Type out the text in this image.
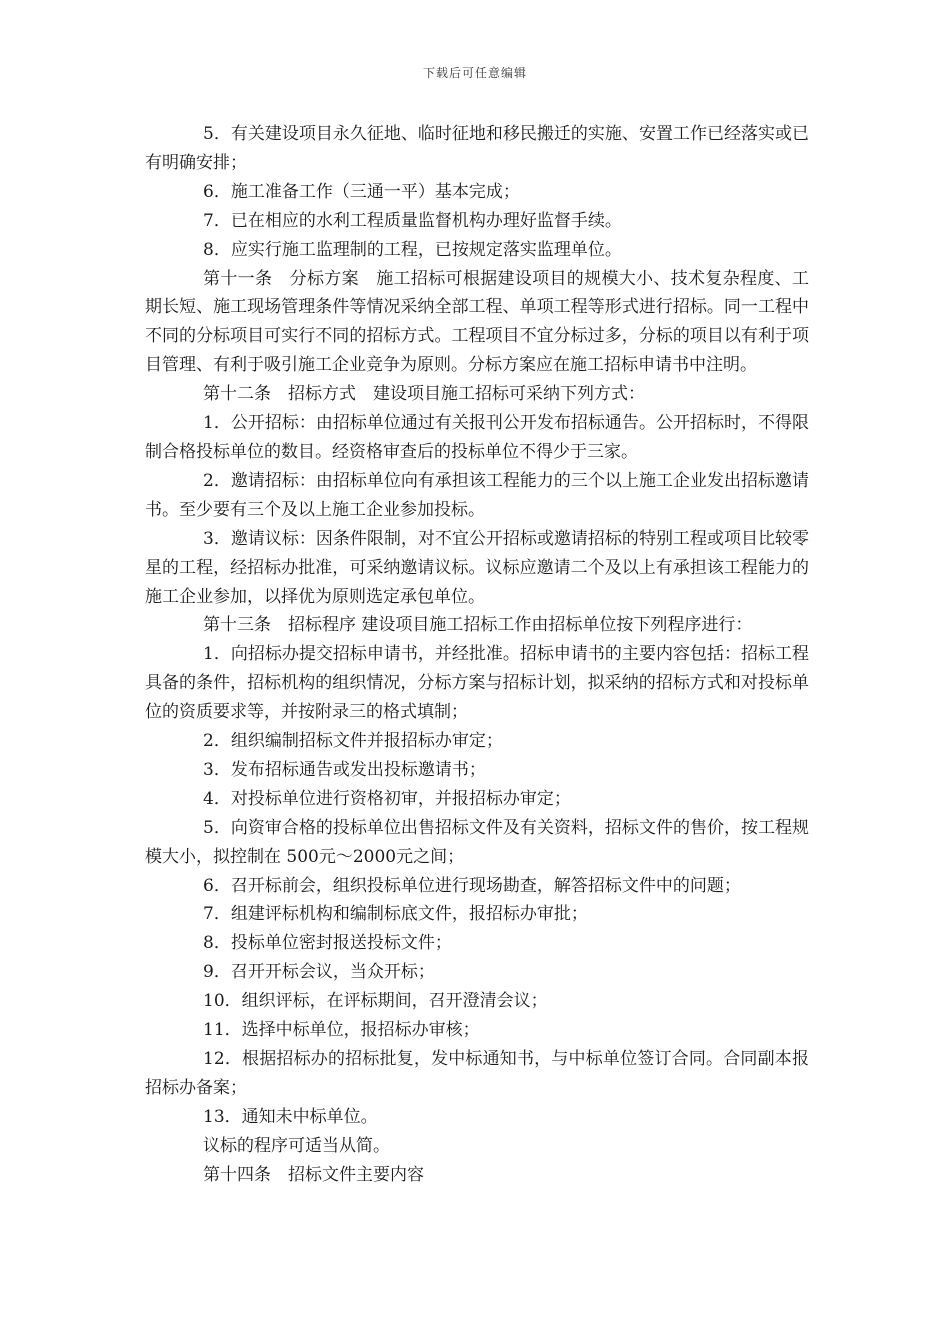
下载后可任意编辑

5．有关建设项目永久征地、临时征地和移民搬迁的实施、安置工作已经落实或已有明确安排；

6．施工准备工作（三通一平）基本完成；

7．已在相应的水利工程质量监督机构办理好监督手续。

8．应实行施工监理制的工程，已按规定落实监理单位。

第十一条　分标方案　施工招标可根据建设项目的规模大小、技术复杂程度、工期长短、施工现场管理条件等情况采纳全部工程、单项工程等形式进行招标。同一工程中不同的分标项目可实行不同的招标方式。工程项目不宜分标过多，分标的项目以有利于项目管理、有利于吸引施工企业竞争为原则。分标方案应在施工招标申请书中注明。

第十二条　招标方式　建设项目施工招标可采纳下列方式：

1．公开招标：由招标单位通过有关报刊公开发布招标通告。公开招标时，不得限制合格投标单位的数目。经资格审查后的投标单位不得少于三家。

2．邀请招标：由招标单位向有承担该工程能力的三个以上施工企业发出招标邀请书。至少要有三个及以上施工企业参加投标。

3．邀请议标：因条件限制，对不宜公开招标或邀请招标的特别工程或项目比较零星的工程，经招标办批准，可采纳邀请议标。议标应邀请二个及以上有承担该工程能力的施工企业参加，以择优为原则选定承包单位。

第十三条　招标程序 建设项目施工招标工作由招标单位按下列程序进行：

1．向招标办提交招标申请书，并经批准。招标申请书的主要内容包括：招标工程具备的条件，招标机构的组织情况，分标方案与招标计划，拟采纳的招标方式和对投标单位的资质要求等，并按附录三的格式填制；

2．组织编制招标文件并报招标办审定；

3．发布招标通告或发出投标邀请书；

4．对投标单位进行资格初审，并报招标办审定；

5．向资审合格的投标单位出售招标文件及有关资料，招标文件的售价，按工程规模大小，拟控制在 500元～2000元之间；

6．召开标前会，组织投标单位进行现场勘查，解答招标文件中的问题；

7．组建评标机构和编制标底文件，报招标办审批；

8．投标单位密封报送投标文件；

9．召开开标会议，当众开标；

10．组织评标，在评标期间，召开澄清会议；

11．选择中标单位，报招标办审核；

12．根据招标办的招标批复，发中标通知书，与中标单位签订合同。合同副本报招标办备案；

13．通知未中标单位。

议标的程序可适当从简。

第十四条　招标文件主要内容
